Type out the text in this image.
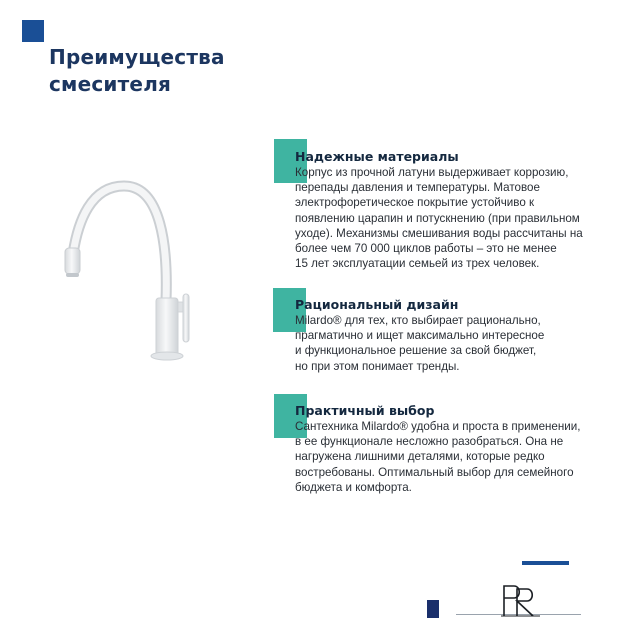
Преимущества
смесителя
Надежные материалы

Корпус из прочной латуни выдерживает коррозию,
перепады давления и температуры. Матовое
электрофоретическое покрытие устойчиво к
появлению царапин и потускнению (при правильном
уходе). Механизмы смешивания воды рассчитаны на
более чем 70 000 циклов работы – это не менее
15 лет эксплуатации семьей из трех человек.

Рациональный дизайн

Milardo® для тех, кто выбирает рационально,
прагматично и ищет максимально интересное
и функциональное решение за свой бюджет,
но при этом понимает тренды.

Практичный выбор

Сантехника Milardo® удобна и проста в применении,
в ее функционале несложно разобраться. Она не
нагружена лишними деталями, которые редко
востребованы. Оптимальный выбор для семейного
бюджета и комфорта.
